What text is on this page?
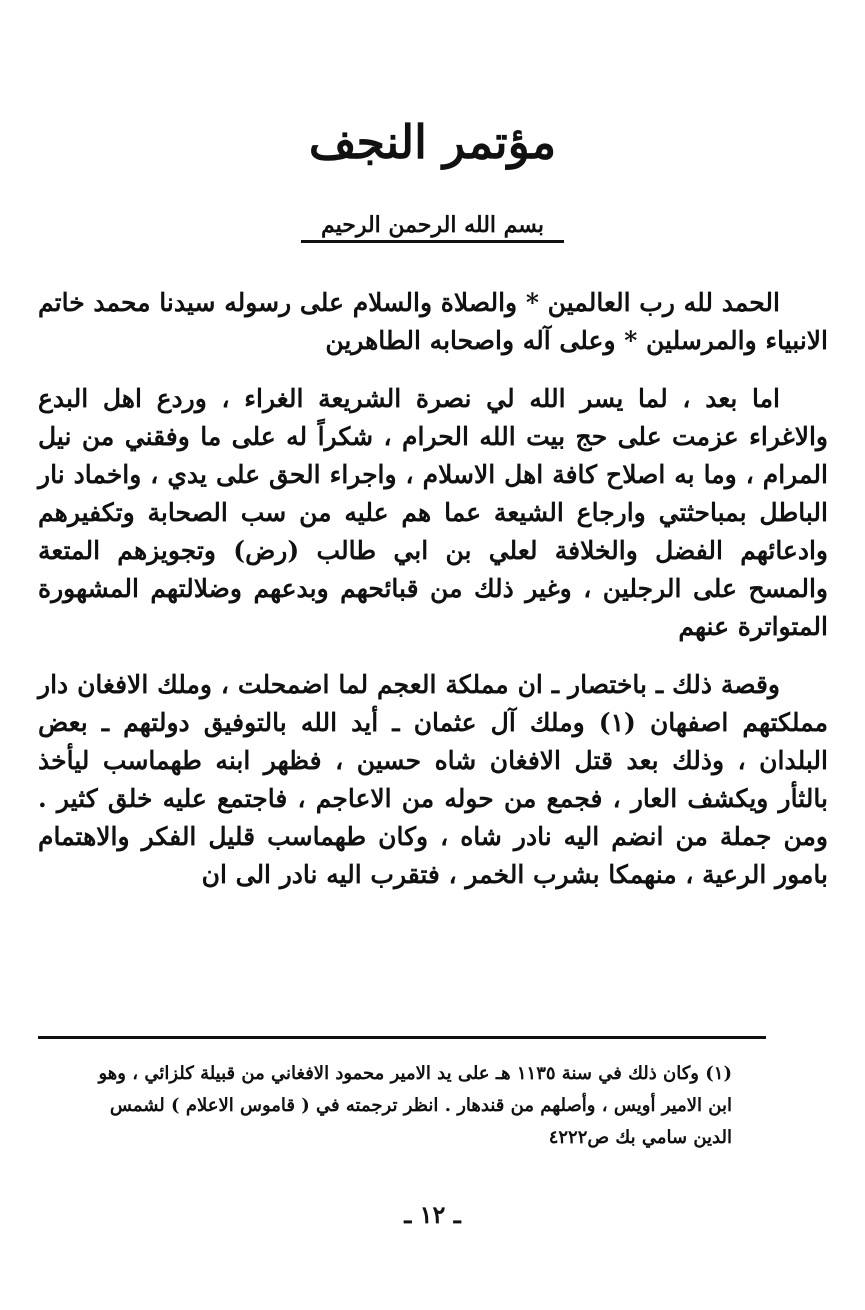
مؤتمر النجف
بسم الله الرحمن الرحيم

الحمد لله رب العالمين * والصلاة والسلام على رسوله سيدنا محمد خاتم الانبياء والمرسلين * وعلى آله واصحابه الطاهرين

اما بعد ، لما يسر الله لي نصرة الشريعة الغراء ، وردع اهل البدع والاغراء عزمت على حج بيت الله الحرام ، شكراً له على ما وفقني من نيل المرام ، وما به اصلاح كافة اهل الاسلام ، واجراء الحق على يدي ، واخماد نار الباطل بمباحثتي وارجاع الشيعة عما هم عليه من سب الصحابة وتكفيرهم وادعائهم الفضل والخلافة لعلي بن ابي طالب (رض) وتجويزهم المتعة والمسح على الرجلين ، وغير ذلك من قبائحهم وبدعهم وضلالتهم المشهورة المتواترة عنهم

وقصة ذلك ـ باختصار ـ ان مملكة العجم لما اضمحلت ، وملك الافغان دار مملكتهم اصفهان (١) وملك آل عثمان ـ أيد الله بالتوفيق دولتهم ـ بعض البلدان ، وذلك بعد قتل الافغان شاه حسين ، فظهر ابنه طهماسب ليأخذ بالثأر ويكشف العار ، فجمع من حوله من الاعاجم ، فاجتمع عليه خلق كثير . ومن جملة من انضم اليه نادر شاه ، وكان طهماسب قليل الفكر والاهتمام بامور الرعية ، منهمكا بشرب الخمر ، فتقرب اليه نادر الى ان

(١) وكان ذلك في سنة ١١٣٥ هـ على يد الامير محمود الافغاني من قبيلة كلزائي ، وهو ابن الامير أويس ، وأصلهم من قندهار . انظر ترجمته في ( قاموس الاعلام ) لشمس الدين سامي بك ص٤٢٢٢
ـ ١٢ ـ
